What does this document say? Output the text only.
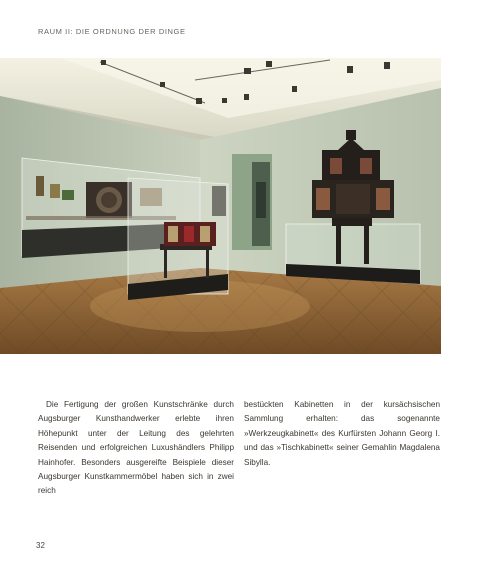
RAUM II: DIE ORDNUNG DER DINGE

Die Fertigung der großen Kunstschränke durch Augsburger Kunsthandwerker erlebte ihren Höhepunkt unter der Leitung des gelehrten Reisenden und erfolgreichen Luxushändlers Philipp Hainhofer. Besonders ausgereifte Beispiele dieser Augsburger Kunstkammermöbel haben sich in zwei reich

bestückten Kabinetten in der kursächsischen Sammlung erhalten: das sogenannte »Werkzeugkabinett« des Kurfürsten Johann Georg I. und das »Tischkabinett« seiner Gemahlin Magdalena Sibylla.

32
